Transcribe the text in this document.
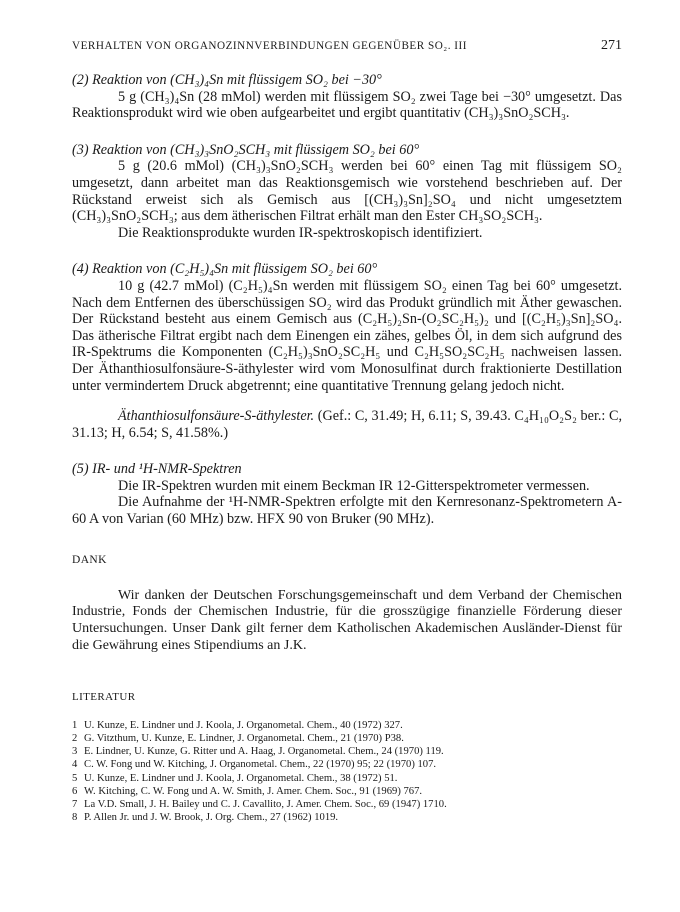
VERHALTEN VON ORGANOZINNVERBINDUNGEN GEGENÜBER SO₂. III	271

(2) Reaktion von (CH₃)₄Sn mit flüssigem SO₂ bei −30°

5 g (CH₃)₄Sn (28 mMol) werden mit flüssigem SO₂ zwei Tage bei −30° umgesetzt. Das Reaktionsprodukt wird wie oben aufgearbeitet und ergibt quantitativ (CH₃)₃SnO₂SCH₃.

(3) Reaktion von (CH₃)₃SnO₂SCH₃ mit flüssigem SO₂ bei 60°

5 g (20.6 mMol) (CH₃)₃SnO₂SCH₃ werden bei 60° einen Tag mit flüssigem SO₂ umgesetzt, dann arbeitet man das Reaktionsgemisch wie vorstehend beschrieben auf. Der Rückstand erweist sich als Gemisch aus [(CH₃)₃Sn]₂SO₄ und nicht umgesetztem (CH₃)₃SnO₂SCH₃; aus dem ätherischen Filtrat erhält man den Ester CH₃SO₂SCH₃.

Die Reaktionsprodukte wurden IR-spektroskopisch identifiziert.

(4) Reaktion von (C₂H₅)₄Sn mit flüssigem SO₂ bei 60°

10 g (42.7 mMol) (C₂H₅)₄Sn werden mit flüssigem SO₂ einen Tag bei 60° umgesetzt. Nach dem Entfernen des überschüssigen SO₂ wird das Produkt gründlich mit Äther gewaschen. Der Rückstand besteht aus einem Gemisch aus (C₂H₅)₂Sn-(O₂SC₂H₅)₂ und [(C₂H₅)₃Sn]₂SO₄. Das ätherische Filtrat ergibt nach dem Einengen ein zähes, gelbes Öl, in dem sich aufgrund des IR-Spektrums die Komponenten (C₂H₅)₃SnO₂SC₂H₅ und C₂H₅SO₂SC₂H₅ nachweisen lassen. Der Äthanthiosulfonsäure-S-äthylester wird vom Monosulfinat durch fraktionierte Destillation unter vermindertem Druck abgetrennt; eine quantitative Trennung gelang jedoch nicht.

Äthanthiosulfonsäure-S-äthylester. (Gef.: C, 31.49; H, 6.11; S, 39.43. C₄H₁₀O₂S₂ ber.: C, 31.13; H, 6.54; S, 41.58%.)

(5) IR- und ¹H-NMR-Spektren

Die IR-Spektren wurden mit einem Beckman IR 12-Gitterspektrometer vermessen.

Die Aufnahme der ¹H-NMR-Spektren erfolgte mit den Kernresonanz-Spektrometern A-60 A von Varian (60 MHz) bzw. HFX 90 von Bruker (90 MHz).

DANK

Wir danken der Deutschen Forschungsgemeinschaft und dem Verband der Chemischen Industrie, Fonds der Chemischen Industrie, für die grosszügige finanzielle Förderung dieser Untersuchungen. Unser Dank gilt ferner dem Katholischen Akademischen Ausländer-Dienst für die Gewährung eines Stipendiums an J.K.

LITERATUR
1 U. Kunze, E. Lindner und J. Koola, J. Organometal. Chem., 40 (1972) 327.
2 G. Vitzthum, U. Kunze, E. Lindner, J. Organometal. Chem., 21 (1970) P38.
3 E. Lindner, U. Kunze, G. Ritter und A. Haag, J. Organometal. Chem., 24 (1970) 119.
4 C. W. Fong und W. Kitching, J. Organometal. Chem., 22 (1970) 95; 22 (1970) 107.
5 U. Kunze, E. Lindner und J. Koola, J. Organometal. Chem., 38 (1972) 51.
6 W. Kitching, C. W. Fong und A. W. Smith, J. Amer. Chem. Soc., 91 (1969) 767.
7 La V.D. Small, J. H. Bailey und C. J. Cavallito, J. Amer. Chem. Soc., 69 (1947) 1710.
8 P. Allen Jr. und J. W. Brook, J. Org. Chem., 27 (1962) 1019.
